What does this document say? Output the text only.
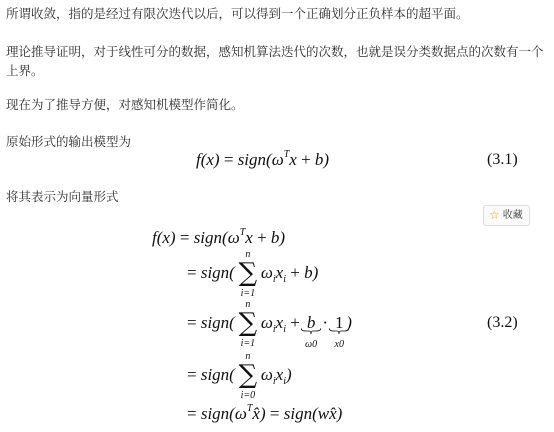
所谓收敛，指的是经过有限次迭代以后，可以得到一个正确划分正负样本的超平面。

理论推导证明，对于线性可分的数据，感知机算法迭代的次数，也就是误分类数据点的次数有一个上界。

现在为了推导方便，对感知机模型作简化。

原始形式的输出模型为

$f(x) = sign(\omega^Tx + b)$	(3.1)

将其表示为向量形式

☆ 收藏
$f(x) = sign(\omega^Tx + b)$
= sign(
n
∑
i=1
$\omega_ix_i + b$)
= sign(
n
∑
i=1
$\omega_ix_i + b$
ω0
· 1
x0
)	(3.2)
= sign(
n
∑
i=0
$\omega_ix_i$)
= $sign(\omega^Tx̂)$ = sign(wx̂)
